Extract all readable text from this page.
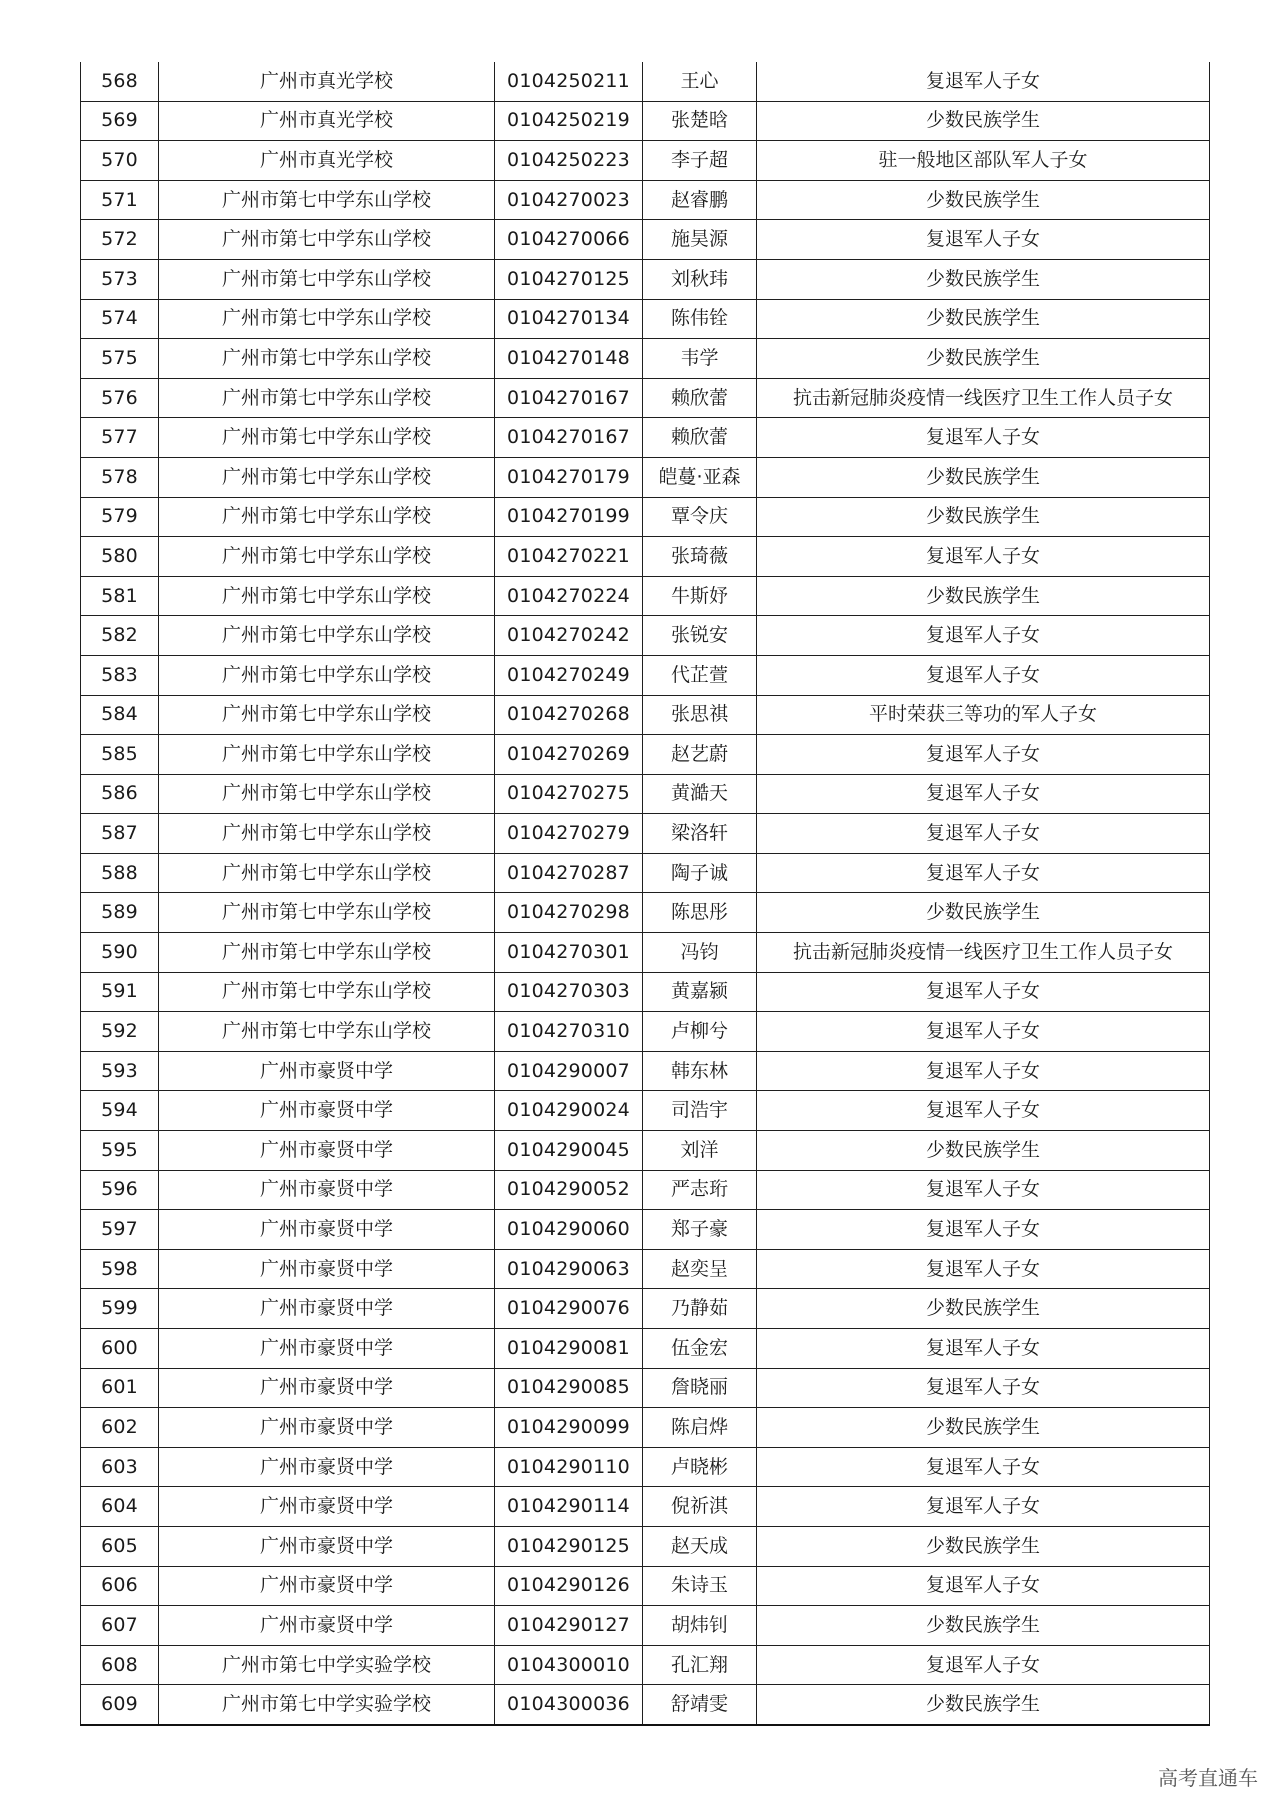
568	广州市真光学校	0104250211	王心	复退军人子女
569	广州市真光学校	0104250219	张楚晗	少数民族学生
570	广州市真光学校	0104250223	李子超	驻一般地区部队军人子女
571	广州市第七中学东山学校	0104270023	赵睿鹏	少数民族学生
572	广州市第七中学东山学校	0104270066	施昊源	复退军人子女
573	广州市第七中学东山学校	0104270125	刘秋玮	少数民族学生
574	广州市第七中学东山学校	0104270134	陈伟铨	少数民族学生
575	广州市第七中学东山学校	0104270148	韦学	少数民族学生
576	广州市第七中学东山学校	0104270167	赖欣蕾	抗击新冠肺炎疫情一线医疗卫生工作人员子女
577	广州市第七中学东山学校	0104270167	赖欣蕾	复退军人子女
578	广州市第七中学东山学校	0104270179	皑蔓·亚森	少数民族学生
579	广州市第七中学东山学校	0104270199	覃令庆	少数民族学生
580	广州市第七中学东山学校	0104270221	张琦薇	复退军人子女
581	广州市第七中学东山学校	0104270224	牛斯妤	少数民族学生
582	广州市第七中学东山学校	0104270242	张锐安	复退军人子女
583	广州市第七中学东山学校	0104270249	代芷萱	复退军人子女
584	广州市第七中学东山学校	0104270268	张思祺	平时荣获三等功的军人子女
585	广州市第七中学东山学校	0104270269	赵艺蔚	复退军人子女
586	广州市第七中学东山学校	0104270275	黄澔天	复退军人子女
587	广州市第七中学东山学校	0104270279	梁洛轩	复退军人子女
588	广州市第七中学东山学校	0104270287	陶子诚	复退军人子女
589	广州市第七中学东山学校	0104270298	陈思彤	少数民族学生
590	广州市第七中学东山学校	0104270301	冯钧	抗击新冠肺炎疫情一线医疗卫生工作人员子女
591	广州市第七中学东山学校	0104270303	黄嘉颍	复退军人子女
592	广州市第七中学东山学校	0104270310	卢柳兮	复退军人子女
593	广州市豪贤中学	0104290007	韩东林	复退军人子女
594	广州市豪贤中学	0104290024	司浩宇	复退军人子女
595	广州市豪贤中学	0104290045	刘洋	少数民族学生
596	广州市豪贤中学	0104290052	严志珩	复退军人子女
597	广州市豪贤中学	0104290060	郑子豪	复退军人子女
598	广州市豪贤中学	0104290063	赵奕呈	复退军人子女
599	广州市豪贤中学	0104290076	乃静茹	少数民族学生
600	广州市豪贤中学	0104290081	伍金宏	复退军人子女
601	广州市豪贤中学	0104290085	詹晓丽	复退军人子女
602	广州市豪贤中学	0104290099	陈启烨	少数民族学生
603	广州市豪贤中学	0104290110	卢晓彬	复退军人子女
604	广州市豪贤中学	0104290114	倪祈淇	复退军人子女
605	广州市豪贤中学	0104290125	赵天成	少数民族学生
606	广州市豪贤中学	0104290126	朱诗玉	复退军人子女
607	广州市豪贤中学	0104290127	胡炜钊	少数民族学生
608	广州市第七中学实验学校	0104300010	孔汇翔	复退军人子女
609	广州市第七中学实验学校	0104300036	舒靖雯	少数民族学生
高考直通车
